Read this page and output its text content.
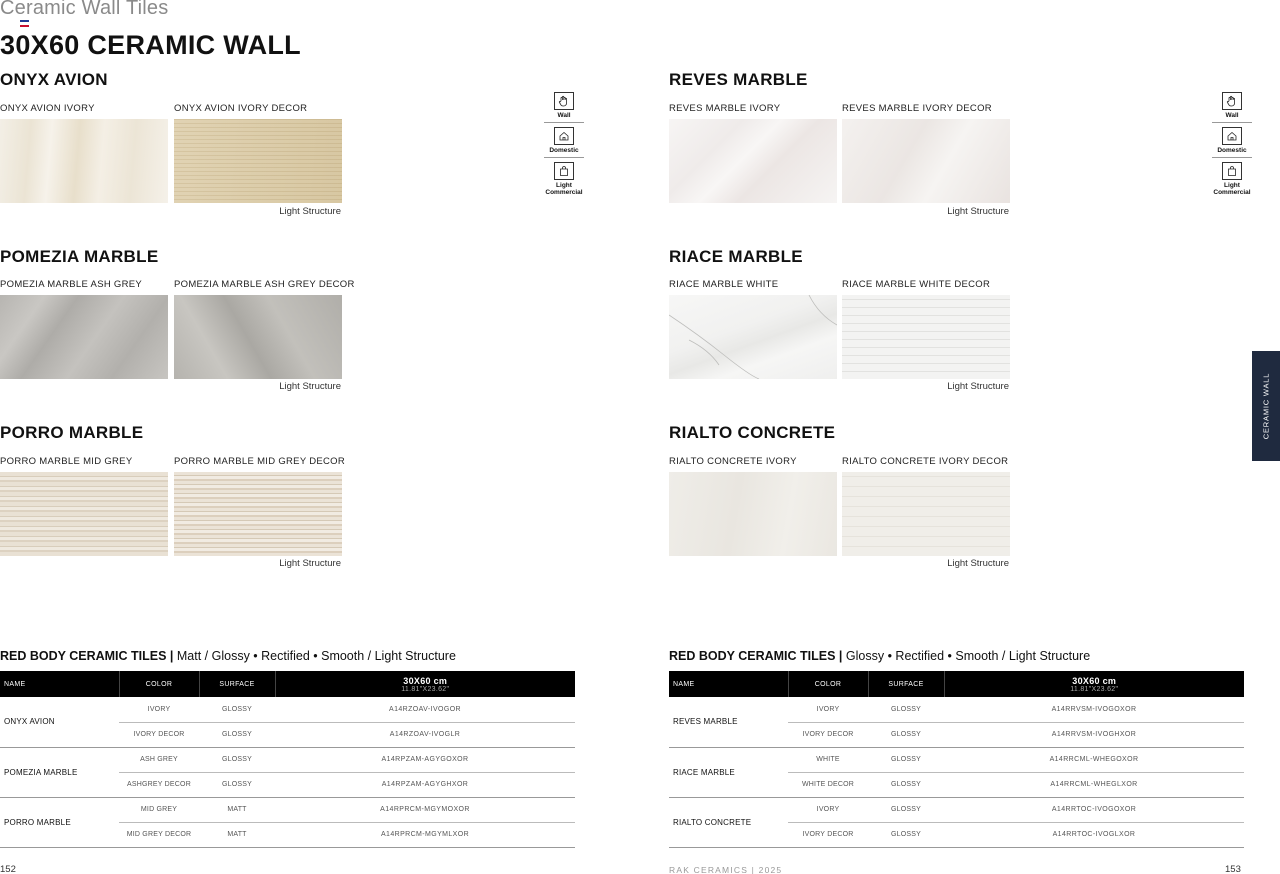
Ceramic Wall Tiles
30X60 CERAMIC WALL
ONYX AVION
ONYX AVION IVORY	ONYX AVION IVORY DECOR
Light Structure
Wall
Domestic
Light
Commercial
REVES MARBLE
REVES MARBLE IVORY	REVES MARBLE IVORY DECOR
Light Structure
Wall
Domestic
Light
Commercial
POMEZIA MARBLE
POMEZIA MARBLE ASH GREY	POMEZIA MARBLE ASH GREY DECOR
Light Structure
RIACE MARBLE
RIACE MARBLE WHITE	RIACE MARBLE WHITE DECOR
Light Structure
PORRO MARBLE
PORRO MARBLE MID GREY	PORRO MARBLE MID GREY DECOR
Light Structure
RIALTO CONCRETE
RIALTO CONCRETE IVORY	RIALTO CONCRETE IVORY DECOR
Light Structure
CERAMIC WALL
RED BODY CERAMIC TILES | Matt / Glossy • Rectified • Smooth / Light Structure
NAME	COLOR	SURFACE	30X60 cm
11.81"X23.62"

ONYX AVION	IVORY	GLOSSY	A14RZOAV-IVOGOR
	IVORY DECOR	GLOSSY	A14RZOAV-IVOGLR
POMEZIA MARBLE	ASH GREY	GLOSSY	A14RPZAM-AGYGOXOR
	ASHGREY DECOR	GLOSSY	A14RPZAM-AGYGHXOR
PORRO MARBLE	MID GREY	MATT	A14RPRCM-MGYMOXOR
	MID GREY DECOR	MATT	A14RPRCM-MGYMLXOR
RED BODY CERAMIC TILES | Glossy • Rectified • Smooth / Light Structure
NAME	COLOR	SURFACE	30X60 cm
11.81"X23.62"

REVES MARBLE	IVORY	GLOSSY	A14RRVSM-IVOGOXOR
	IVORY DECOR	GLOSSY	A14RRVSM-IVOGHXOR
RIACE MARBLE	WHITE	GLOSSY	A14RRCML-WHEGOXOR
	WHITE DECOR	GLOSSY	A14RRCML-WHEGLXOR
RIALTO CONCRETE	IVORY	GLOSSY	A14RRTOC-IVOGOXOR
	IVORY DECOR	GLOSSY	A14RRTOC-IVOGLXOR
152	RAK CERAMICS | 2025	153
